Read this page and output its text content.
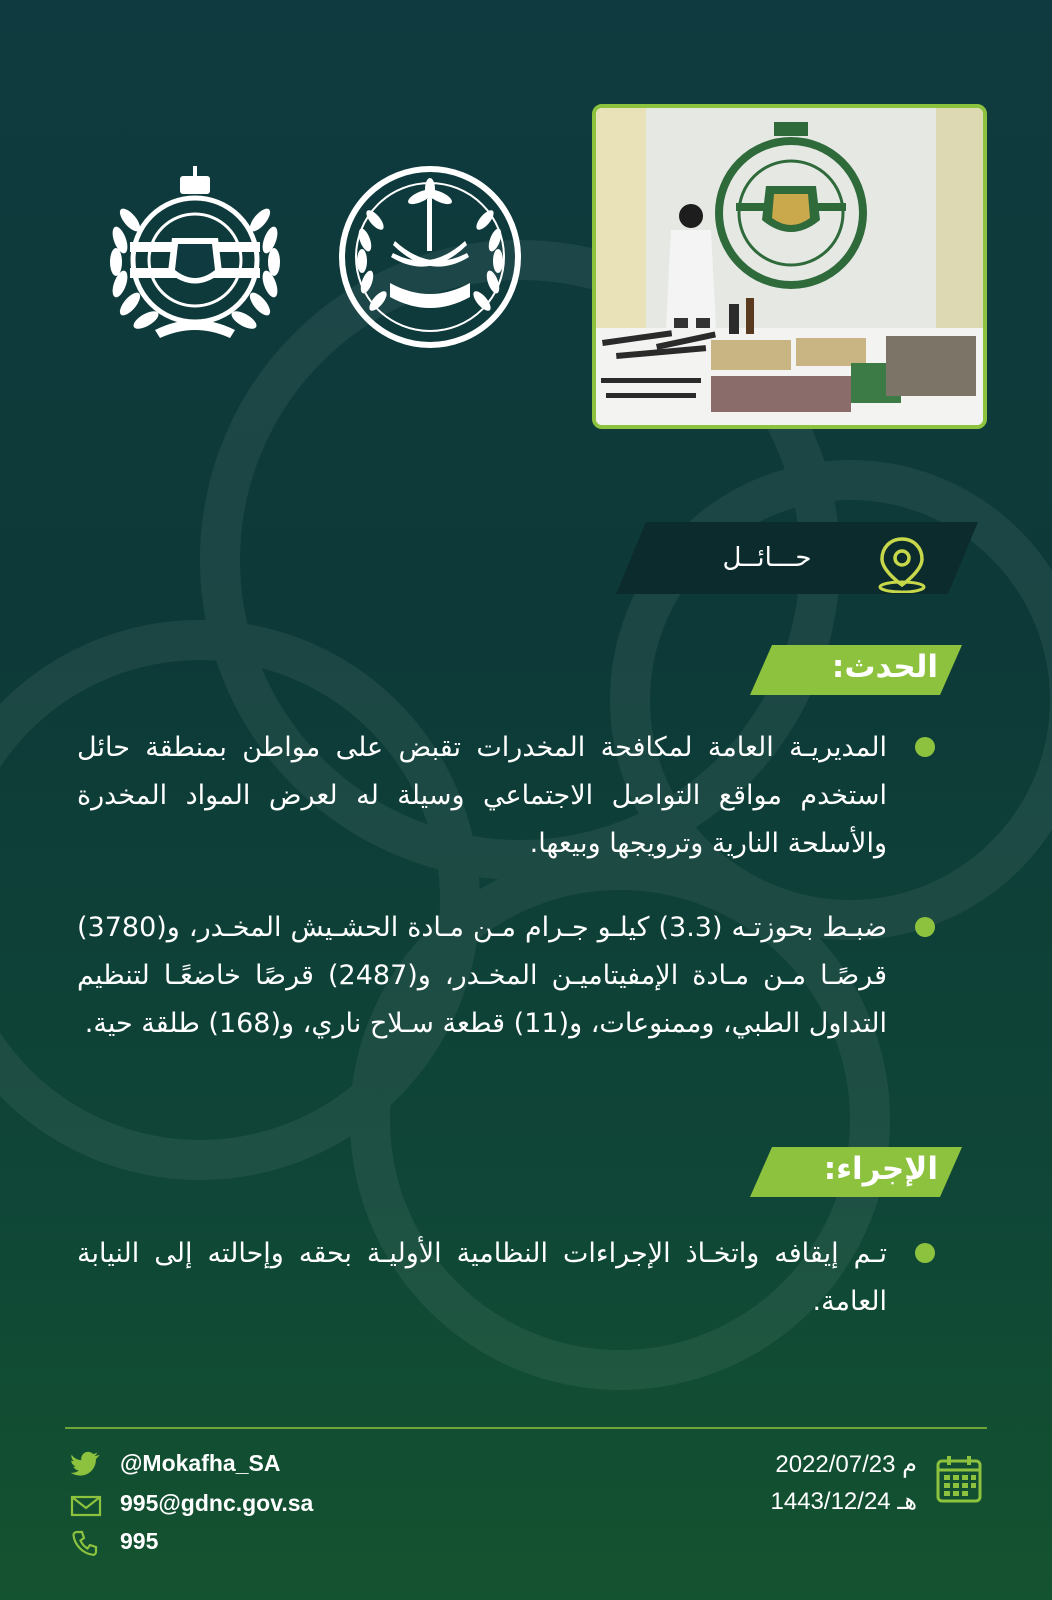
حـــائــل
الحدث:
المديريـة العامة لمكافحة المخدرات تقبض على مواطن بمنطقة حائل استخدم مواقع التواصل الاجتماعي وسيلة له لعرض المواد المخدرة والأسلحة النارية وترويجها وبيعها.
ضبـط بحوزتـه (3.3) كيلـو جـرام مـن مـادة الحشـيش المخـدر، و(3780) قرصًـا مـن مـادة الإمفيتاميـن المخـدر، و(2487) قرصًا خاضعًـا لتنظيم التداول الطبي، وممنوعات، و(11) قطعة سـلاح ناري، و(168) طلقة حية.
الإجراء:
تـم إيقافه واتخـاذ الإجراءات النظامية الأوليـة بحقه وإحالته إلى النيابة العامة.
@Mokafha_SA
995@gdnc.gov.sa
995
م 2022/07/23
هـ 1443/12/24
